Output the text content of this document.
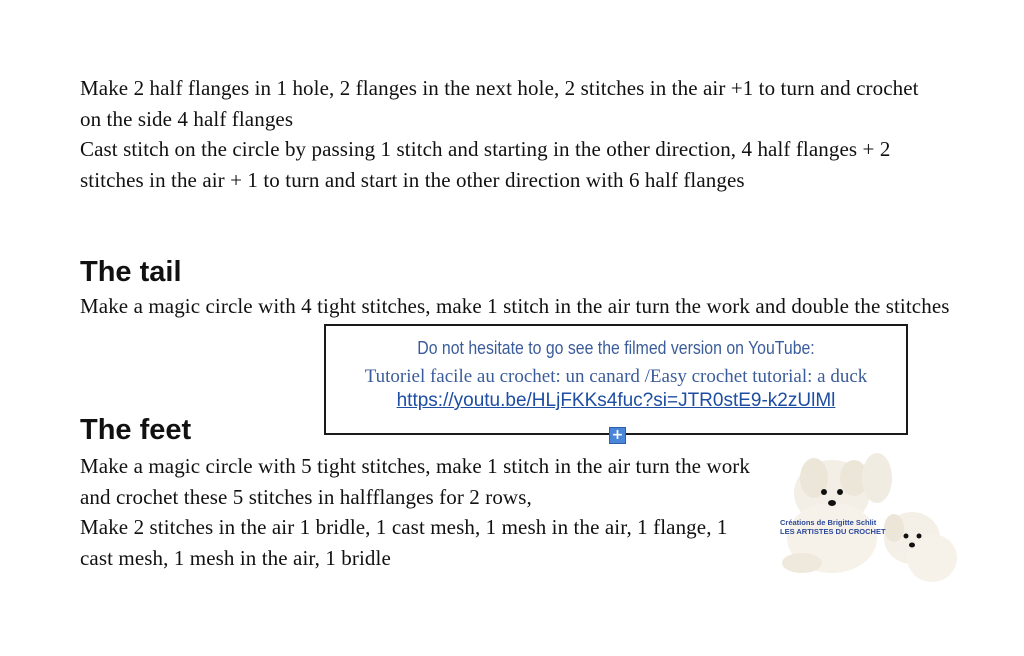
Make 2 half flanges in 1 hole, 2 flanges in the next hole, 2 stitches in the air +1 to turn and crochet on the side 4 half flanges
Cast stitch on the circle by passing 1 stitch and starting in the other direction, 4 half flanges + 2 stitches in the air + 1 to turn and start in the other direction with 6 half flanges

The tail

Make a magic circle with 4 tight stitches, make 1 stitch in the air turn the work and double the stitches

The feet

Make a magic circle with 5 tight stitches, make 1 stitch in the air turn the work and crochet these 5 stitches in halfflanges for 2 rows,
Make 2 stitches in the air 1 bridle, 1 cast mesh, 1 mesh in the air, 1 flange, 1 cast mesh, 1 mesh in the air, 1 bridle

Do not hesitate to go see the filmed version on YouTube:
Tutoriel facile au crochet: un canard /Easy crochet tutorial: a duck
https://youtu.be/HLjFKKs4fuc?si=JTR0stE9-k2zUlMl
+
Créations de Brigitte Schlit
LES ARTISTES DU CROCHET
